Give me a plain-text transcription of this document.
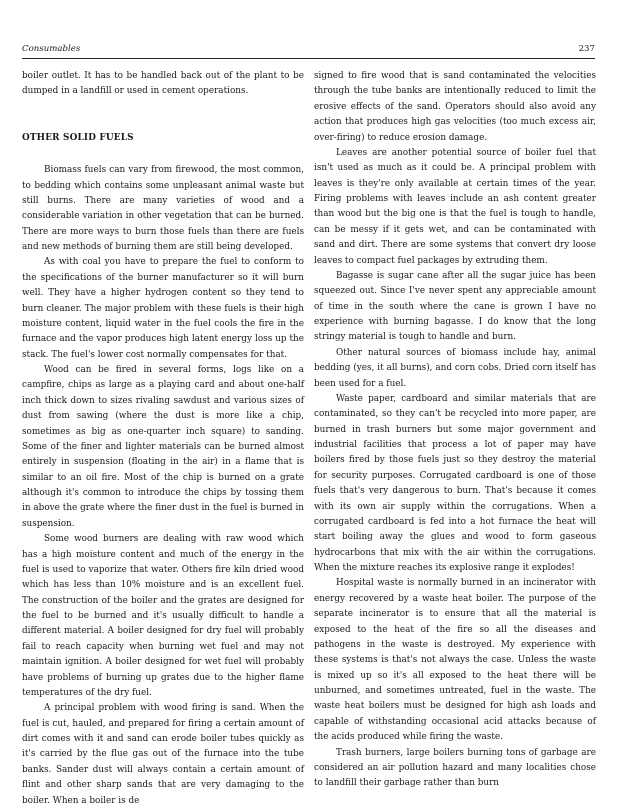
Consumables	237

boiler outlet. It has to be handled back out of the plant to be dumped in a landfill or used in cement operations.

OTHER SOLID FUELS

Biomass fuels can vary from firewood, the most common, to bedding which contains some unpleasant animal waste but still burns. There are many varieties of wood and a considerable variation in other vegetation that can be burned. There are more ways to burn those fuels than there are fuels and new methods of burning them are still being developed.

As with coal you have to prepare the fuel to conform to the specifications of the burner manufacturer so it will burn well. They have a higher hydrogen content so they tend to burn cleaner. The major problem with these fuels is their high moisture content, liquid water in the fuel cools the fire in the furnace and the vapor produces high latent energy loss up the stack. The fuel's lower cost normally compensates for that.

Wood can be fired in several forms, logs like on a campfire, chips as large as a playing card and about one-half inch thick down to sizes rivaling sawdust and various sizes of dust from sawing (where the dust is more like a chip, sometimes as big as one-quarter inch square) to sanding. Some of the finer and lighter materials can be burned almost entirely in suspension (floating in the air) in a flame that is similar to an oil fire. Most of the chip is burned on a grate although it's common to introduce the chips by tossing them in above the grate where the finer dust in the fuel is burned in suspension.

Some wood burners are dealing with raw wood which has a high moisture content and much of the energy in the fuel is used to vaporize that water. Others fire kiln dried wood which has less than 10% moisture and is an excellent fuel. The construction of the boiler and the grates are designed for the fuel to be burned and it's usually difficult to handle a different material. A boiler designed for dry fuel will probably fail to reach capacity when burning wet fuel and may not maintain ignition. A boiler designed for wet fuel will probably have problems of burning up grates due to the higher flame temperatures of the dry fuel.

A principal problem with wood firing is sand. When the fuel is cut, hauled, and prepared for firing a certain amount of dirt comes with it and sand can erode boiler tubes quickly as it's carried by the flue gas out of the furnace into the tube banks. Sander dust will always contain a certain amount of flint and other sharp sands that are very damaging to the boiler. When a boiler is de

signed to fire wood that is sand contaminated the velocities through the tube banks are intentionally reduced to limit the erosive effects of the sand. Operators should also avoid any action that produces high gas velocities (too much excess air, over-firing) to reduce erosion damage.

Leaves are another potential source of boiler fuel that isn't used as much as it could be. A principal problem with leaves is they're only available at certain times of the year. Firing problems with leaves include an ash content greater than wood but the big one is that the fuel is tough to handle, can be messy if it gets wet, and can be contaminated with sand and dirt. There are some systems that convert dry loose leaves to compact fuel packages by extruding them.

Bagasse is sugar cane after all the sugar juice has been squeezed out. Since I've never spent any appreciable amount of time in the south where the cane is grown I have no experience with burning bagasse. I do know that the long stringy material is tough to handle and burn.

Other natural sources of biomass include hay, animal bedding (yes, it all burns), and corn cobs. Dried corn itself has been used for a fuel.

Waste paper, cardboard and similar materials that are contaminated, so they can't be recycled into more paper, are burned in trash burners but some major government and industrial facilities that process a lot of paper may have boilers fired by those fuels just so they destroy the material for security purposes. Corrugated cardboard is one of those fuels that's very dangerous to burn. That's because it comes with its own air supply within the corrugations. When a corrugated cardboard is fed into a hot furnace the heat will start boiling away the glues and wood to form gaseous hydrocarbons that mix with the air within the corrugations. When the mixture reaches its explosive range it explodes!

Hospital waste is normally burned in an incinerator with energy recovered by a waste heat boiler. The purpose of the separate incinerator is to ensure that all the material is exposed to the heat of the fire so all the diseases and pathogens in the waste is destroyed. My experience with these systems is that's not always the case. Unless the waste is mixed up so it's all exposed to the heat there will be unburned, and sometimes untreated, fuel in the waste. The waste heat boilers must be designed for high ash loads and capable of withstanding occasional acid attacks because of the acids produced while firing the waste.

Trash burners, large boilers burning tons of garbage are considered an air pollution hazard and many localities chose to landfill their garbage rather than burn
